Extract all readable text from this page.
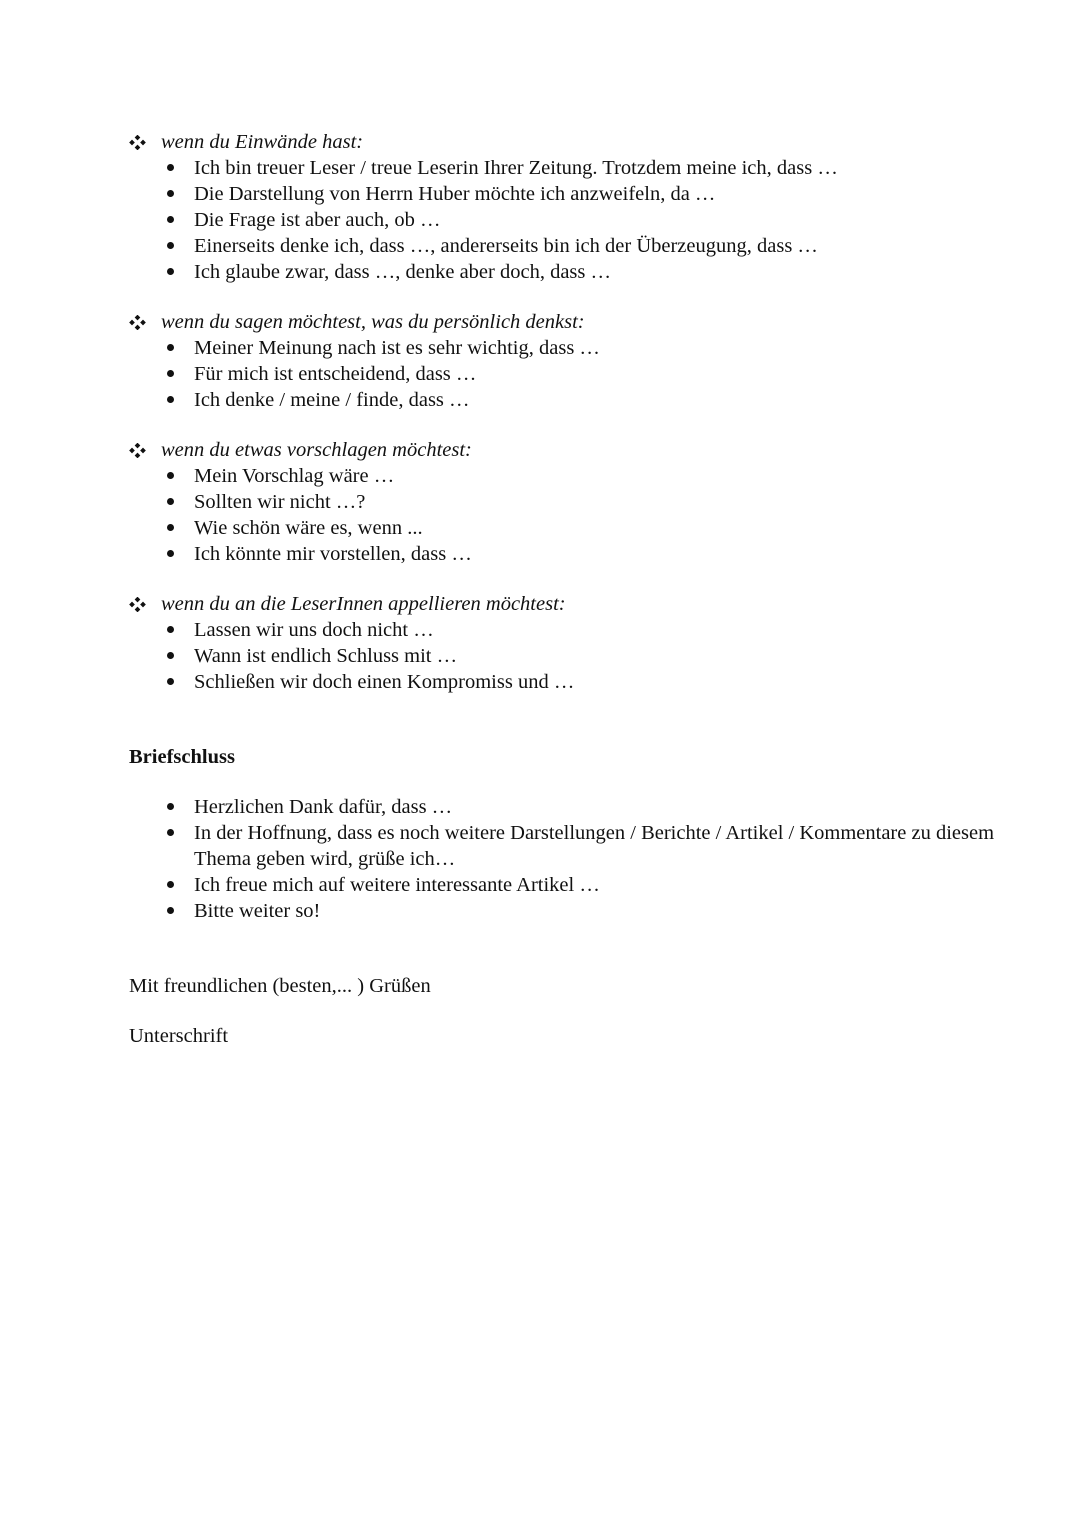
wenn du Einwände hast:
Ich bin treuer Leser / treue Leserin Ihrer Zeitung. Trotzdem meine ich, dass …
Die Darstellung von Herrn Huber möchte ich anzweifeln, da …
Die Frage ist aber auch, ob …
Einerseits denke ich, dass …, andererseits bin ich der Überzeugung, dass …
Ich glaube zwar, dass …, denke aber doch, dass …
wenn du sagen möchtest, was du persönlich denkst:
Meiner Meinung nach ist es sehr wichtig, dass …
Für mich ist entscheidend, dass …
Ich denke / meine / finde, dass …
wenn du etwas vorschlagen möchtest:
Mein Vorschlag wäre …
Sollten wir nicht …?
Wie schön wäre es, wenn ...
Ich könnte mir vorstellen, dass …
wenn du an die LeserInnen appellieren möchtest:
Lassen wir uns doch nicht …
Wann ist endlich Schluss mit …
Schließen wir doch einen Kompromiss und …
Briefschluss
Herzlichen Dank dafür, dass …
In der Hoffnung, dass es noch weitere Darstellungen / Berichte / Artikel / Kommentare zu diesem Thema geben wird, grüße ich…
Ich freue mich auf weitere interessante Artikel …
Bitte weiter so!
Mit freundlichen (besten,... ) Grüßen
Unterschrift
